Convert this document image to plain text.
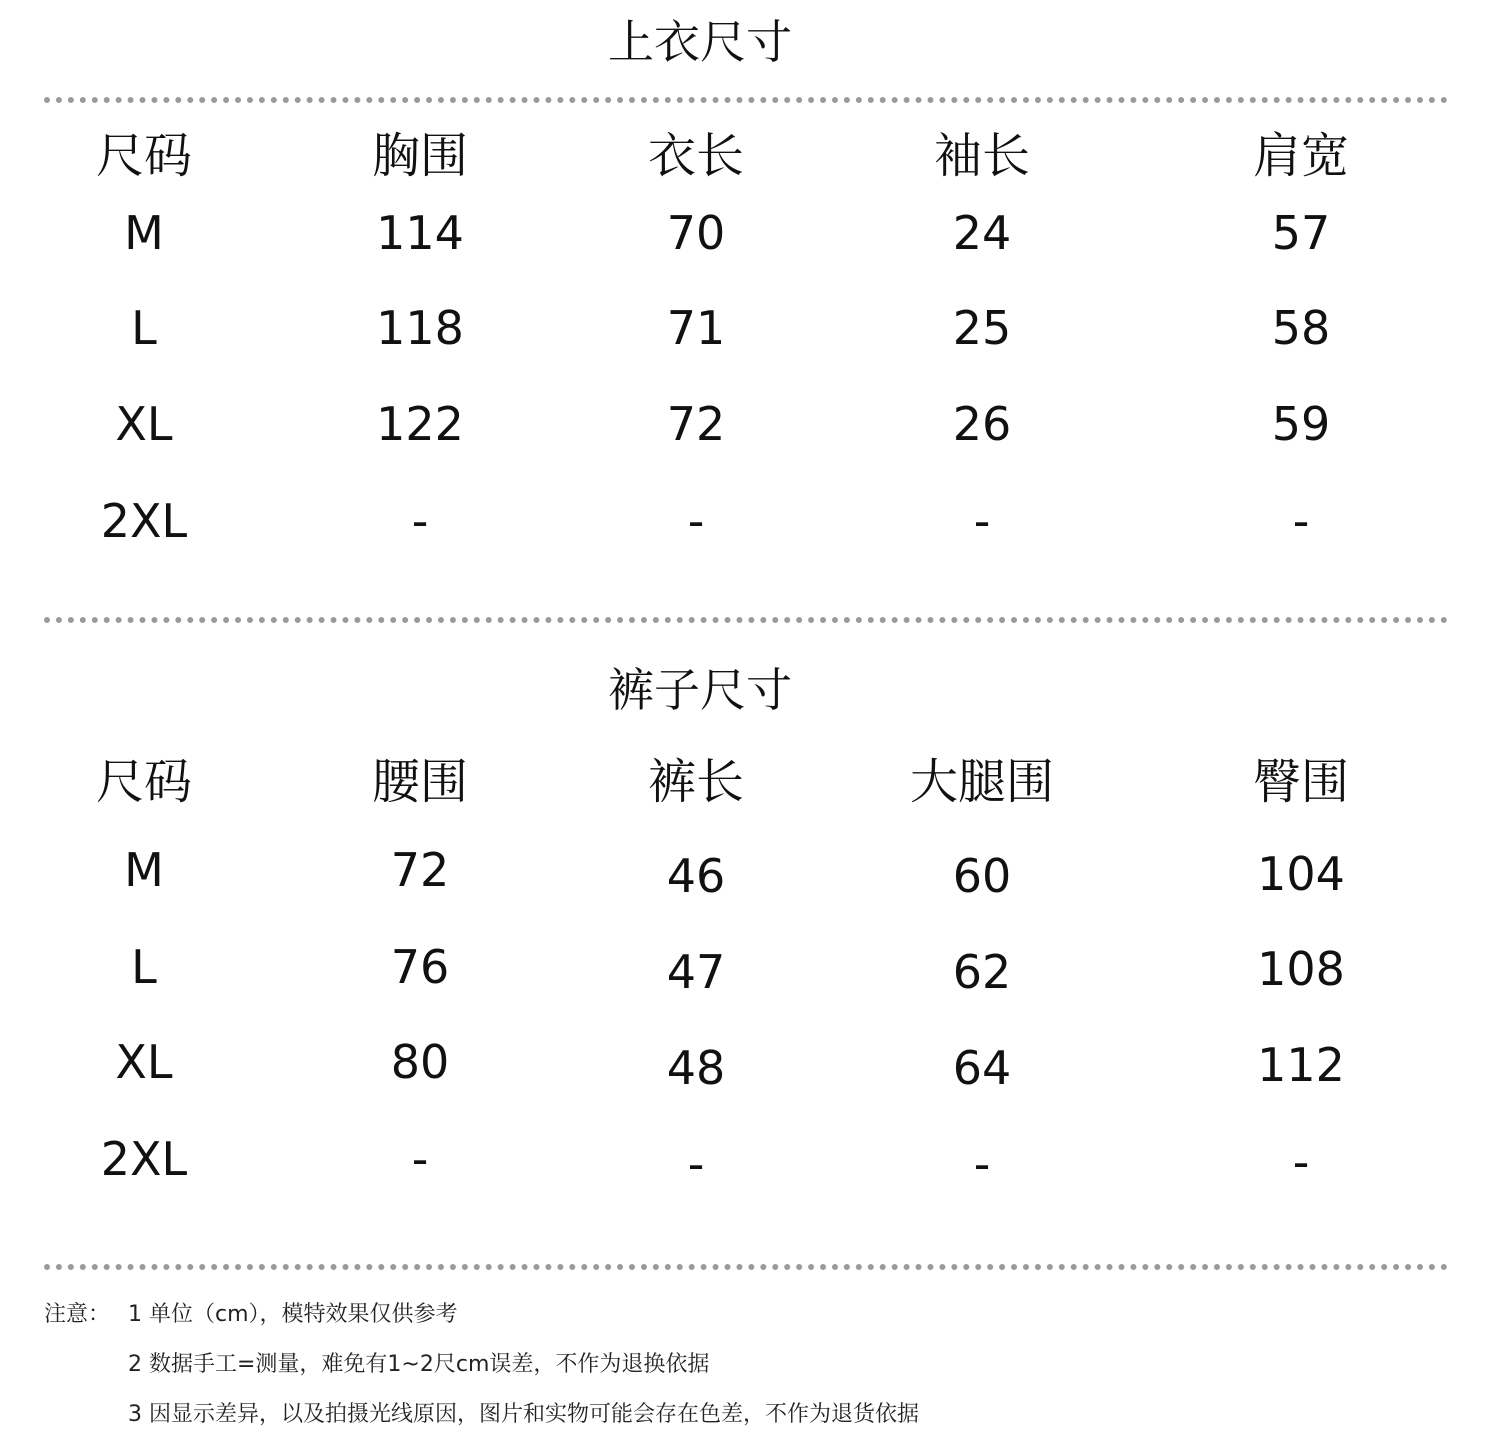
上衣尺寸
尺码	胸围	衣长	袖长	肩宽
M	114	70	24	57
L	118	71	25	58
XL	122	72	26	59
2XL	-	-	-	-
裤子尺寸
尺码	腰围	裤长	大腿围	臀围
M	72	46	60	104
L	76	47	62	108
XL	80	48	64	112
2XL	-	-	-	-
注意： 1 单位（cm），模特效果仅供参考
2 数据手工=测量，难免有1~2尺cm误差，不作为退换依据
3 因显示差异，以及拍摄光线原因，图片和实物可能会存在色差，不作为退货依据
